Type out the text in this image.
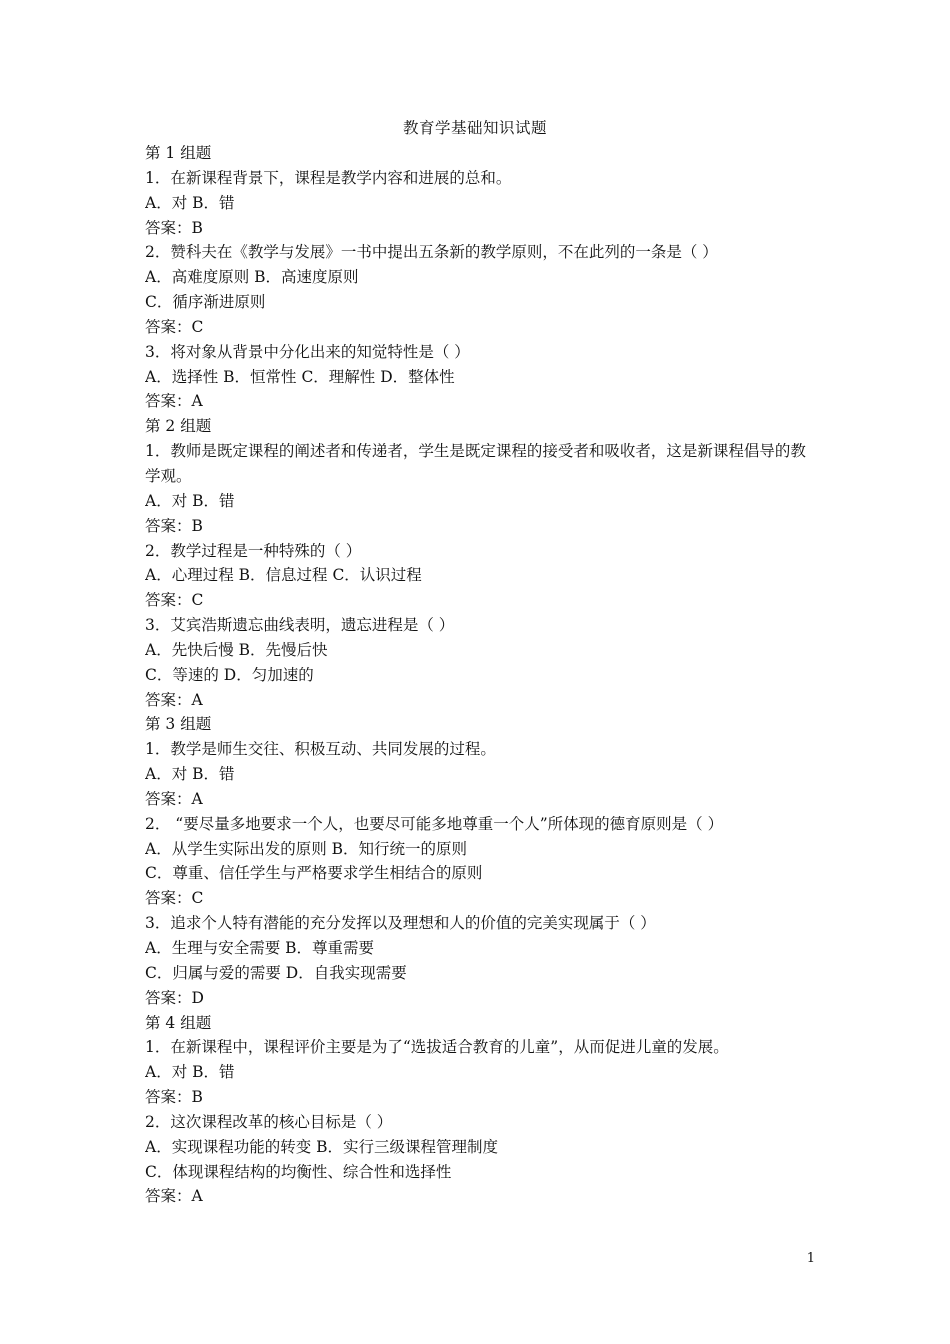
教育学基础知识试题
第 1 组题
1．在新课程背景下，课程是教学内容和进展的总和。
A．对 B．错
答案：B
2．赞科夫在《教学与发展》一书中提出五条新的教学原则，不在此列的一条是（ ）
A．高难度原则 B．高速度原则
C．循序渐进原则
答案：C
3．将对象从背景中分化出来的知觉特性是（ ）
A．选择性 B．恒常性 C．理解性 D．整体性
答案：A
第 2 组题
1．教师是既定课程的阐述者和传递者，学生是既定课程的接受者和吸收者，这是新课程倡导的教学观。
A．对 B．错
答案：B
2．教学过程是一种特殊的（ ）
A．心理过程 B．信息过程 C．认识过程
答案：C
3．艾宾浩斯遗忘曲线表明，遗忘进程是（ ）
A．先快后慢 B．先慢后快
C．等速的 D．匀加速的
答案：A
第 3 组题
1．教学是师生交往、积极互动、共同发展的过程。
A．对 B．错
答案：A
2． “要尽量多地要求一个人，也要尽可能多地尊重一个人”所体现的德育原则是（ ）
A．从学生实际出发的原则 B．知行统一的原则
C．尊重、信任学生与严格要求学生相结合的原则
答案：C
3．追求个人特有潜能的充分发挥以及理想和人的价值的完美实现属于（ ）
A．生理与安全需要 B．尊重需要
C．归属与爱的需要 D．自我实现需要
答案：D
第 4 组题
1．在新课程中，课程评价主要是为了“选拔适合教育的儿童”，从而促进儿童的发展。
A．对 B．错
答案：B
2．这次课程改革的核心目标是（ ）
A．实现课程功能的转变 B．实行三级课程管理制度
C．体现课程结构的均衡性、综合性和选择性
答案：A
1
